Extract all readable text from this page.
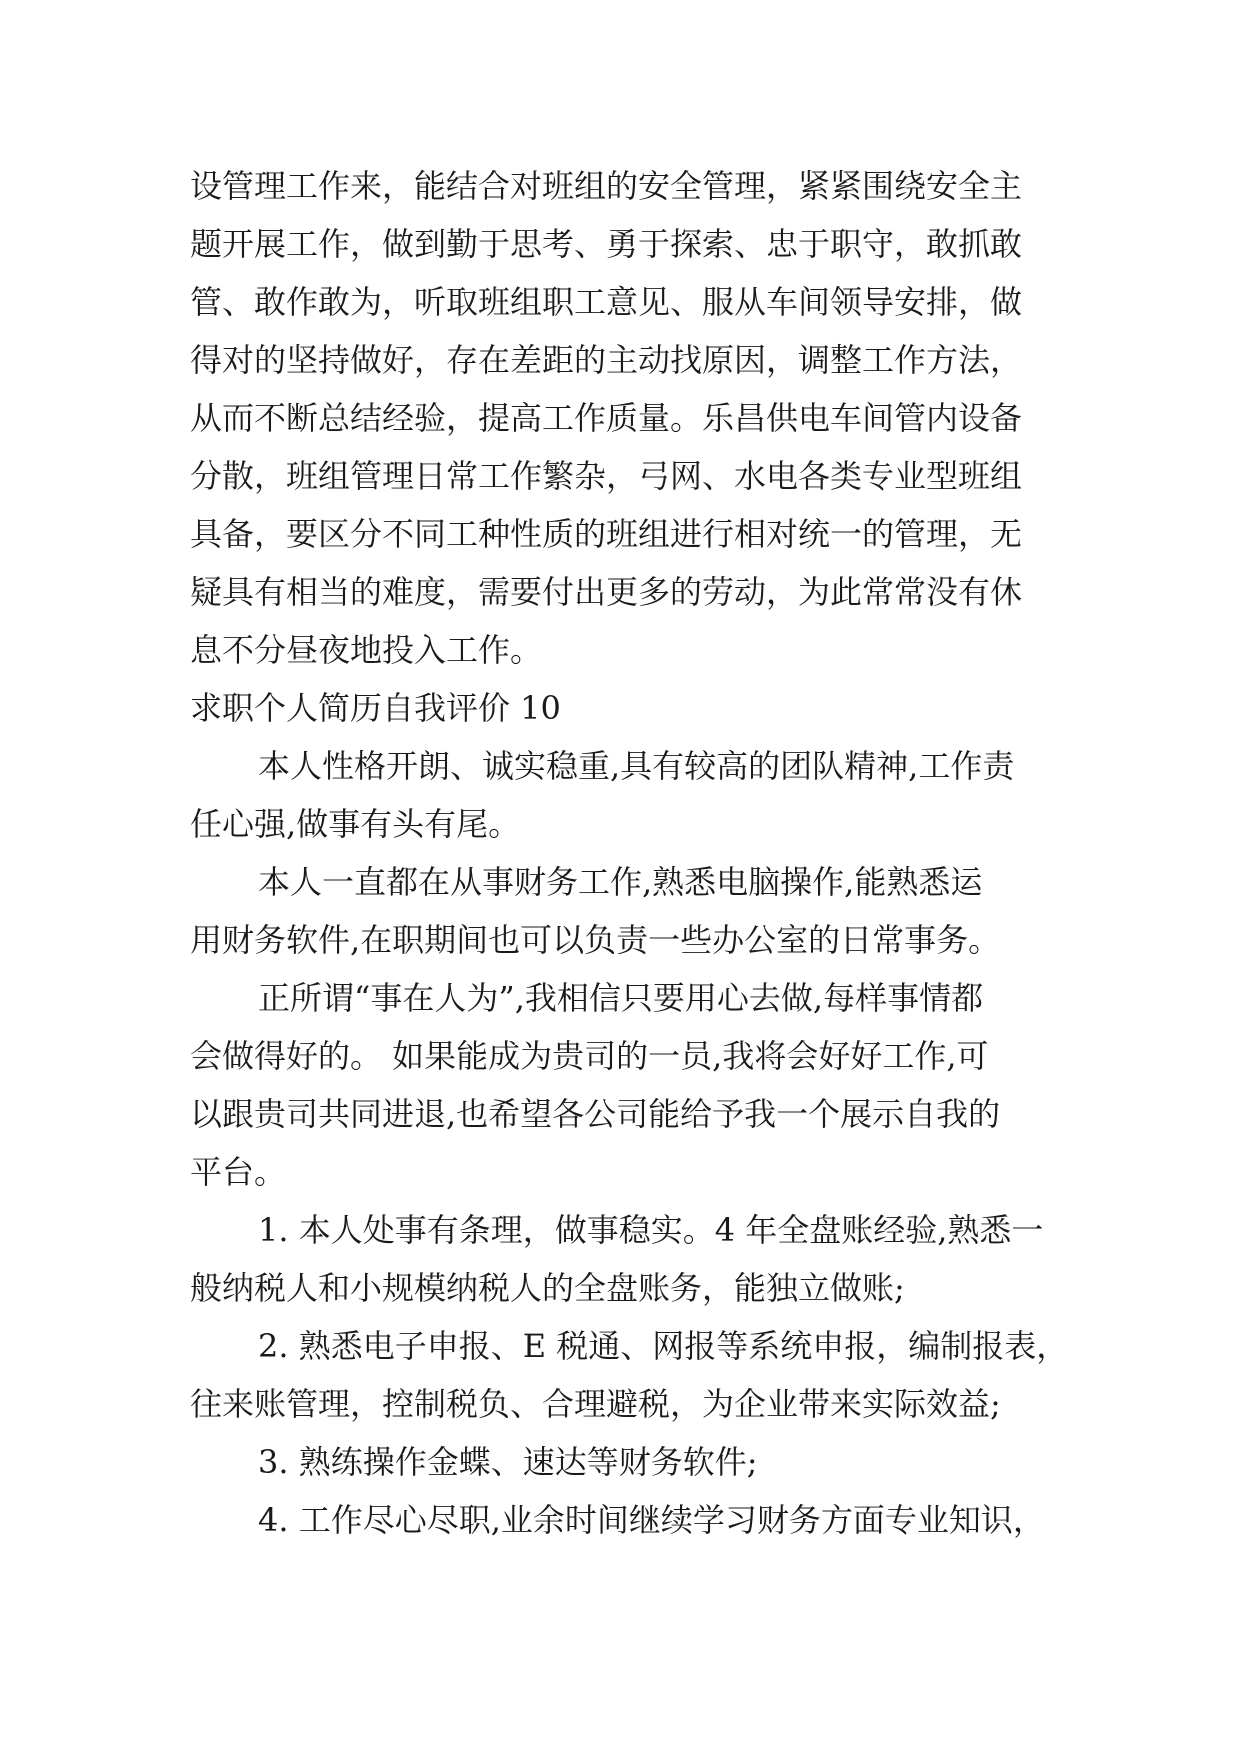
设管理工作来，能结合对班组的安全管理，紧紧围绕安全主
题开展工作，做到勤于思考、勇于探索、忠于职守，敢抓敢
管、敢作敢为，听取班组职工意见、服从车间领导安排，做
得对的坚持做好，存在差距的主动找原因，调整工作方法，
从而不断总结经验，提高工作质量。乐昌供电车间管内设备
分散，班组管理日常工作繁杂，弓网、水电各类专业型班组
具备，要区分不同工种性质的班组进行相对统一的管理，无
疑具有相当的难度，需要付出更多的劳动，为此常常没有休
息不分昼夜地投入工作。
求职个人简历自我评价 10
本人性格开朗、诚实稳重,具有较高的团队精神,工作责
任心强,做事有头有尾。
本人一直都在从事财务工作,熟悉电脑操作,能熟悉运
用财务软件,在职期间也可以负责一些办公室的日常事务。
正所谓“事在人为”,我相信只要用心去做,每样事情都
会做得好的。 如果能成为贵司的一员,我将会好好工作,可
以跟贵司共同进退,也希望各公司能给予我一个展示自我的
平台。
1. 本人处事有条理，做事稳实。4 年全盘账经验,熟悉一
般纳税人和小规模纳税人的全盘账务，能独立做账;
2. 熟悉电子申报、E 税通、网报等系统申报，编制报表，
往来账管理，控制税负、合理避税，为企业带来实际效益;
3. 熟练操作金蝶、速达等财务软件;
4. 工作尽心尽职,业余时间继续学习财务方面专业知识，
